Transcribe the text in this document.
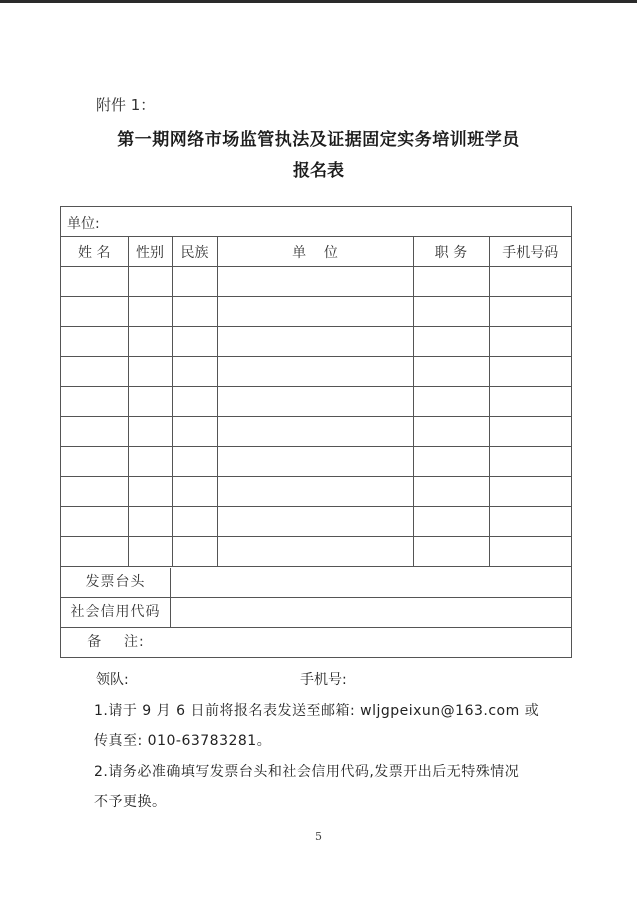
附件 1：
第一期网络市场监管执法及证据固定实务培训班学员
报名表
单位:
姓 名	性别	民族	单    位	职 务	手机号码

发票台头
社会信用代码
备    注:
领队:	手机号:
1.请于 9 月 6 日前将报名表发送至邮箱: wljgpeixun@163.com 或
传真至: 010-63783281。
2.请务必准确填写发票台头和社会信用代码,发票开出后无特殊情况
不予更换。
5
